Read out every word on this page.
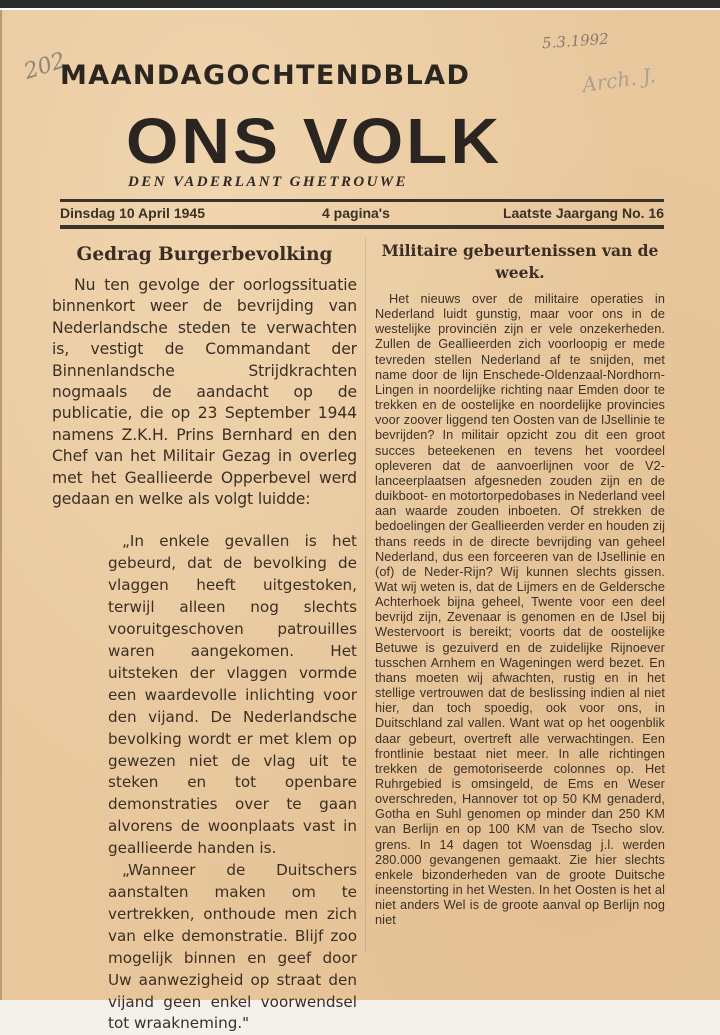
202
5.3.1992
Arch. J.
MAANDAGOCHTENDBLAD
ONS VOLK
DEN VADERLANT GHETROUWE
Dinsdag 10 April 1945	4 pagina's	Laatste Jaargang No. 16
Gedrag Burgerbevolking

Nu ten gevolge der oorlogssituatie binnenkort weer de bevrijding van Nederlandsche steden te verwachten is, vestigt de Commandant der Binnenlandsche Strijdkrachten nogmaals de aandacht op de publicatie, die op 23 September 1944 namens Z.K.H. Prins Bernhard en den Chef van het Militair Gezag in overleg met het Geallieerde Opperbevel werd gedaan en welke als volgt luidde:

„In enkele gevallen is het gebeurd, dat de bevolking de vlaggen heeft uitgestoken, terwijl alleen nog slechts vooruitgeschoven patrouilles waren aangekomen. Het uitsteken der vlaggen vormde een waardevolle inlichting voor den vijand. De Nederlandsche bevolking wordt er met klem op gewezen niet de vlag uit te steken en tot openbare demonstraties over te gaan alvorens de woonplaats vast in geallieerde handen is.

„Wanneer de Duitschers aanstalten maken om te vertrekken, onthoude men zich van elke demonstratie. Blijf zoo mogelijk binnen en geef door Uw aanwezigheid op straat den vijand geen enkel voorwendsel tot wraakneming."

Militaire gebeurtenissen van de week.

Het nieuws over de militaire operaties in Nederland luidt gunstig, maar voor ons in de westelijke provinciën zijn er vele onzekerheden. Zullen de Geallieerden zich voorloopig er mede tevreden stellen Nederland af te snijden, met name door de lijn Enschede-Oldenzaal-Nordhorn-Lingen in noordelijke richting naar Emden door te trekken en de oostelijke en noordelijke provincies voor zoover liggend ten Oosten van de IJsellinie te bevrijden? In militair opzicht zou dit een groot succes beteekenen en tevens het voordeel opleveren dat de aanvoerlijnen voor de V2-lanceerplaatsen afgesneden zouden zijn en de duikboot- en motortorpedobases in Nederland veel aan waarde zouden inboeten. Of strekken de bedoelingen der Geallieerden verder en houden zij thans reeds in de directe bevrijding van geheel Nederland, dus een forceeren van de IJsellinie en (of) de Neder-Rijn? Wij kunnen slechts gissen. Wat wij weten is, dat de Lijmers en de Geldersche Achterhoek bijna geheel, Twente voor een deel bevrijd zijn, Zevenaar is genomen en de IJsel bij Westervoort is bereikt; voorts dat de oostelijke Betuwe is gezuiverd en de zuidelijke Rijnoever tusschen Arnhem en Wageningen werd bezet. En thans moeten wij afwachten, rustig en in het stellige vertrouwen dat de beslissing indien al niet hier, dan toch spoedig, ook voor ons, in Duitschland zal vallen. Want wat op het oogenblik daar gebeurt, overtreft alle verwachtingen. Een frontlinie bestaat niet meer. In alle richtingen trekken de gemotoriseerde colonnes op. Het Ruhrgebied is omsingeld, de Ems en Weser overschreden, Hannover tot op 50 KM genaderd, Gotha en Suhl genomen op minder dan 250 KM van Berlijn en op 100 KM van de Tsecho slov. grens. In 14 dagen tot Woensdag j.l. werden 280.000 gevangenen gemaakt. Zie hier slechts enkele bizonderheden van de groote Duitsche ineenstorting in het Westen. In het Oosten is het al niet anders Wel is de groote aanval op Berlijn nog niet
